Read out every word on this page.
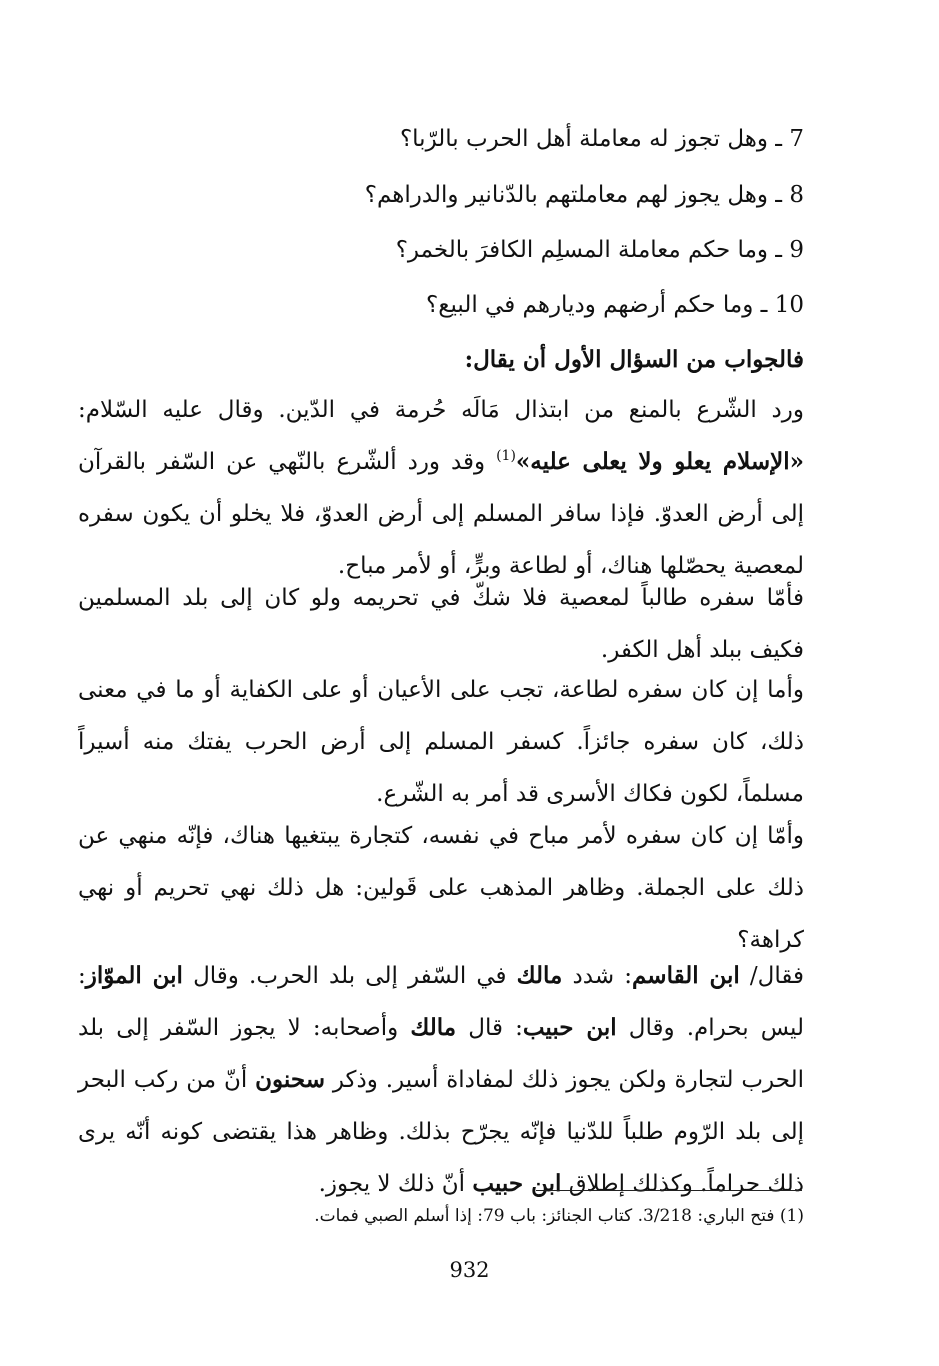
7 ـ وهل تجوز له معاملة أهل الحرب بالرّبا؟
8 ـ وهل يجوز لهم معاملتهم بالدّنانير والدراهم؟
9 ـ وما حكم معاملة المسلِم الكافرَ بالخمر؟
10 ـ وما حكم أرضهم وديارهم في البيع؟
فالجواب من السؤال الأول أن يقال:
ورد الشّرع بالمنع من ابتذال مَالَه حُرمة في الدّين. وقال عليه السّلام: «الإسلام يعلو ولا يعلى عليه»$^{(1)}$ وقد ورد ألشّرع بالنّهي عن السّفر بالقرآن إلى أرض العدوّ. فإذا سافر المسلم إلى أرض العدوّ، فلا يخلو أن يكون سفره لمعصية يحصّلها هناك، أو لطاعة وبرٍّ، أو لأمر مباح.
فأمّا سفره طالباً لمعصية فلا شكّ في تحريمه ولو كان إلى بلد المسلمين فكيف ببلد أهل الكفر.
وأما إن كان سفره لطاعة، تجب على الأعيان أو على الكفاية أو ما في معنى ذلك، كان سفره جائزاً. كسفر المسلم إلى أرض الحرب يفتك منه أسيراً مسلماً، لكون فكاك الأسرى قد أمر به الشّرع.
وأمّا إن كان سفره لأمر مباح في نفسه، كتجارة يبتغيها هناك، فإنّه منهي عن ذلك على الجملة. وظاهر المذهب على قَولين: هل ذلك نهي تحريم أو نهي كراهة؟
فقال/ ابن القاسم: شدد مالك في السّفر إلى بلد الحرب. وقال ابن الموّاز: ليس بحرام. وقال ابن حبيب: قال مالك وأصحابه: لا يجوز السّفر إلى بلد الحرب لتجارة ولكن يجوز ذلك لمفاداة أسير. وذكر سحنون أنّ من ركب البحر إلى بلد الرّوم طلباً للدّنيا فإنّه يجرّح بذلك. وظاهر هذا يقتضى كونه أنّه يرى ذلك حراماً. وكذلك إطلاق ابن حبيب أنّ ذلك لا يجوز.
(1) فتح الباري: 3/218. كتاب الجنائز: باب 79: إذا أسلم الصبي فمات.
932
